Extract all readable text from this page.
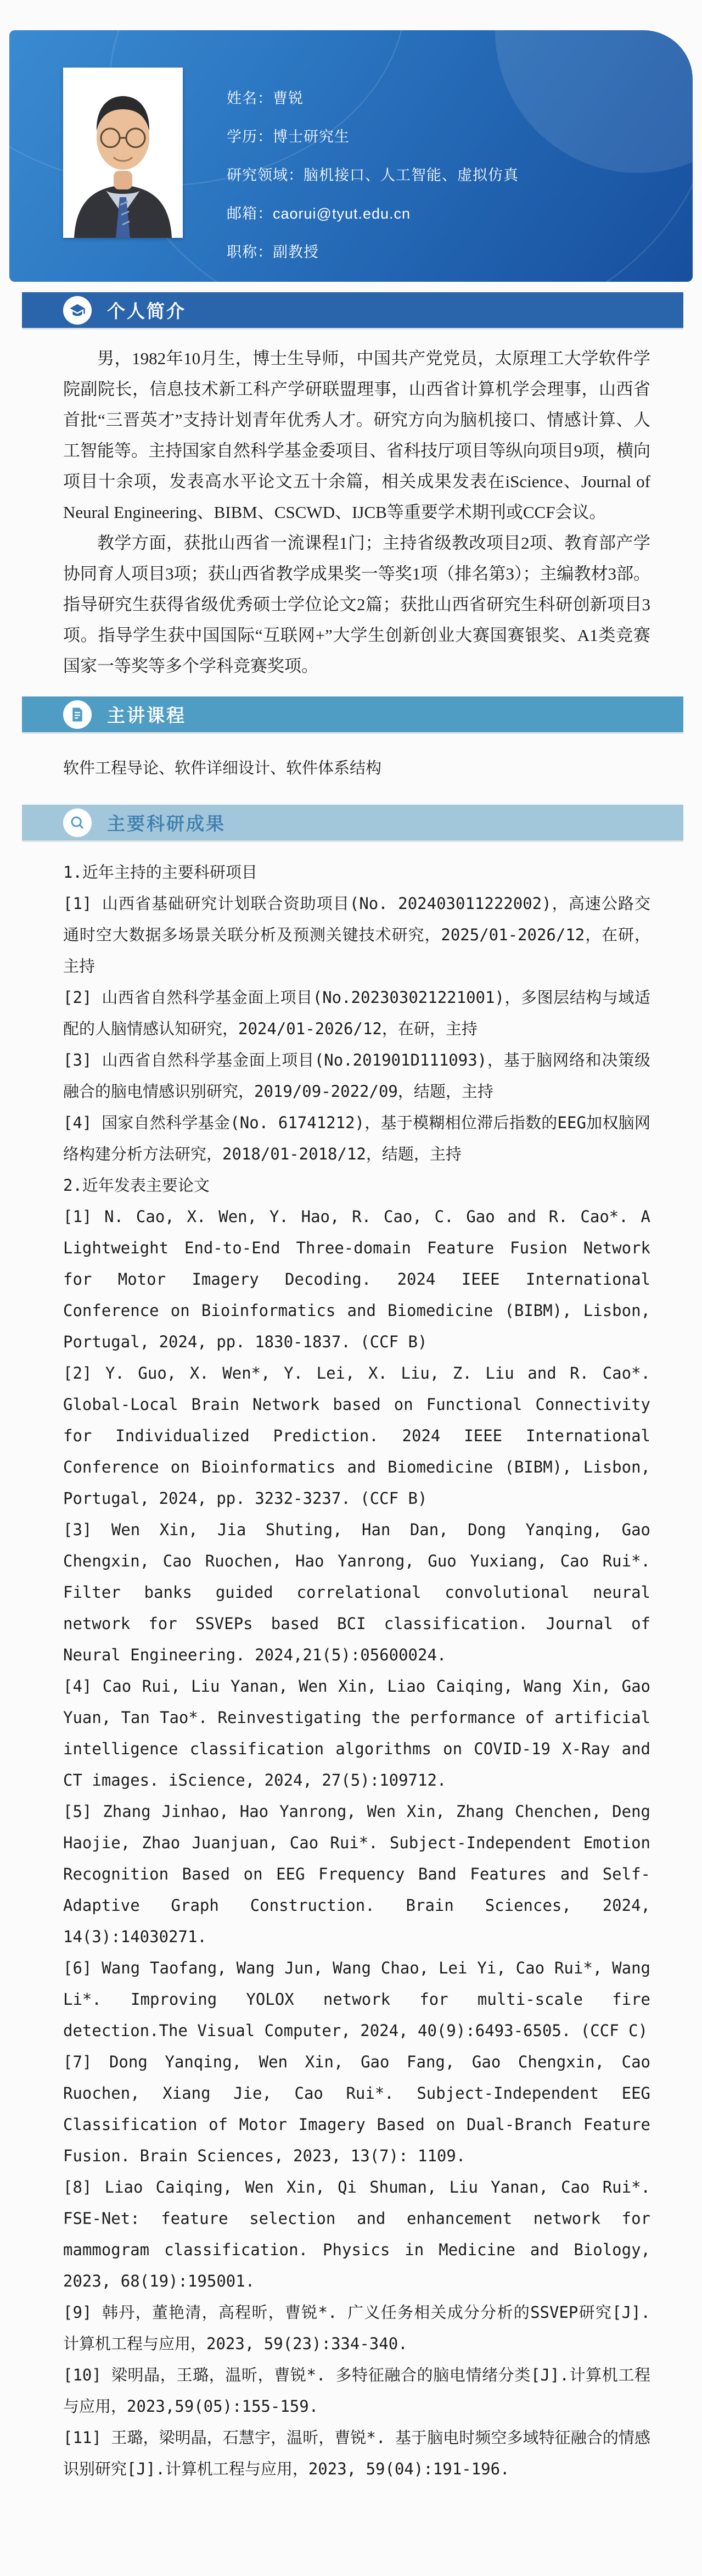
姓名：曹锐
学历：博士研究生
研究领域：脑机接口、人工智能、虚拟仿真
邮箱：caorui@tyut.edu.cn
职称：副教授
个人简介

男，1982年10月生，博士生导师，中国共产党党员，太原理工大学软件学院副院长，信息技术新工科产学研联盟理事，山西省计算机学会理事，山西省首批“三晋英才”支持计划青年优秀人才。研究方向为脑机接口、情感计算、人工智能等。主持国家自然科学基金委项目、省科技厅项目等纵向项目9项，横向项目十余项，发表高水平论文五十余篇，相关成果发表在iScience、Journal of Neural Engineering、BIBM、CSCWD、IJCB等重要学术期刊或CCF会议。

教学方面，获批山西省一流课程1门；主持省级教改项目2项、教育部产学协同育人项目3项；获山西省教学成果奖一等奖1项（排名第3）；主编教材3部。指导研究生获得省级优秀硕士学位论文2篇；获批山西省研究生科研创新项目3项。指导学生获中国国际“互联网+”大学生创新创业大赛国赛银奖、A1类竞赛国家一等奖等多个学科竞赛奖项。

主讲课程

软件工程导论、软件详细设计、软件体系结构

主要科研成果

1.近年主持的主要科研项目

[1] 山西省基础研究计划联合资助项目(No. 202403011222002)，高速公路交通时空大数据多场景关联分析及预测关键技术研究，2025/01-2026/12，在研，主持

[2] 山西省自然科学基金面上项目(No.202303021221001)，多图层结构与域适配的人脑情感认知研究，2024/01-2026/12，在研，主持

[3] 山西省自然科学基金面上项目(No.201901D111093)，基于脑网络和决策级融合的脑电情感识别研究，2019/09-2022/09，结题，主持

[4] 国家自然科学基金(No. 61741212)，基于模糊相位滞后指数的EEG加权脑网络构建分析方法研究，2018/01-2018/12，结题，主持

2.近年发表主要论文

[1] N. Cao, X. Wen, Y. Hao, R. Cao, C. Gao and R. Cao*. A Lightweight End-to-End Three-domain Feature Fusion Network for Motor Imagery Decoding. 2024 IEEE International Conference on Bioinformatics and Biomedicine (BIBM), Lisbon, Portugal, 2024, pp. 1830-1837. (CCF B)

[2] Y. Guo, X. Wen*, Y. Lei, X. Liu, Z. Liu and R. Cao*. Global-Local Brain Network based on Functional Connectivity for Individualized Prediction. 2024 IEEE International Conference on Bioinformatics and Biomedicine (BIBM), Lisbon, Portugal, 2024, pp. 3232-3237. (CCF B)

[3] Wen Xin, Jia Shuting, Han Dan, Dong Yanqing, Gao Chengxin, Cao Ruochen, Hao Yanrong, Guo Yuxiang, Cao Rui*. Filter banks guided correlational convolutional neural network for SSVEPs based BCI classification. Journal of Neural Engineering. 2024,21(5):05600024.

[4] Cao Rui, Liu Yanan, Wen Xin, Liao Caiqing, Wang Xin, Gao Yuan, Tan Tao*. Reinvestigating the performance of artificial intelligence classification algorithms on COVID-19 X-Ray and CT images. iScience, 2024, 27(5):109712.

[5] Zhang Jinhao, Hao Yanrong, Wen Xin, Zhang Chenchen, Deng Haojie, Zhao Juanjuan, Cao Rui*. Subject-Independent Emotion Recognition Based on EEG Frequency Band Features and Self-Adaptive Graph Construction. Brain Sciences, 2024, 14(3):14030271.

[6] Wang Taofang, Wang Jun, Wang Chao, Lei Yi, Cao Rui*, Wang Li*. Improving YOLOX network for multi-scale fire detection.The Visual Computer, 2024, 40(9):6493-6505. (CCF C)

[7] Dong Yanqing, Wen Xin, Gao Fang, Gao Chengxin, Cao Ruochen, Xiang Jie, Cao Rui*. Subject-Independent EEG Classification of Motor Imagery Based on Dual-Branch Feature Fusion. Brain Sciences, 2023, 13(7): 1109.

[8] Liao Caiqing, Wen Xin, Qi Shuman, Liu Yanan, Cao Rui*. FSE-Net: feature selection and enhancement network for mammogram classification. Physics in Medicine and Biology, 2023, 68(19):195001.

[9] 韩丹，董艳清，高程昕，曹锐*. 广义任务相关成分分析的SSVEP研究[J]. 计算机工程与应用，2023, 59(23):334-340.

[10] 梁明晶，王璐，温昕，曹锐*. 多特征融合的脑电情绪分类[J].计算机工程与应用，2023,59(05):155-159.

[11] 王璐，梁明晶，石慧宇，温昕，曹锐*. 基于脑电时频空多域特征融合的情感识别研究[J].计算机工程与应用，2023, 59(04):191-196.
